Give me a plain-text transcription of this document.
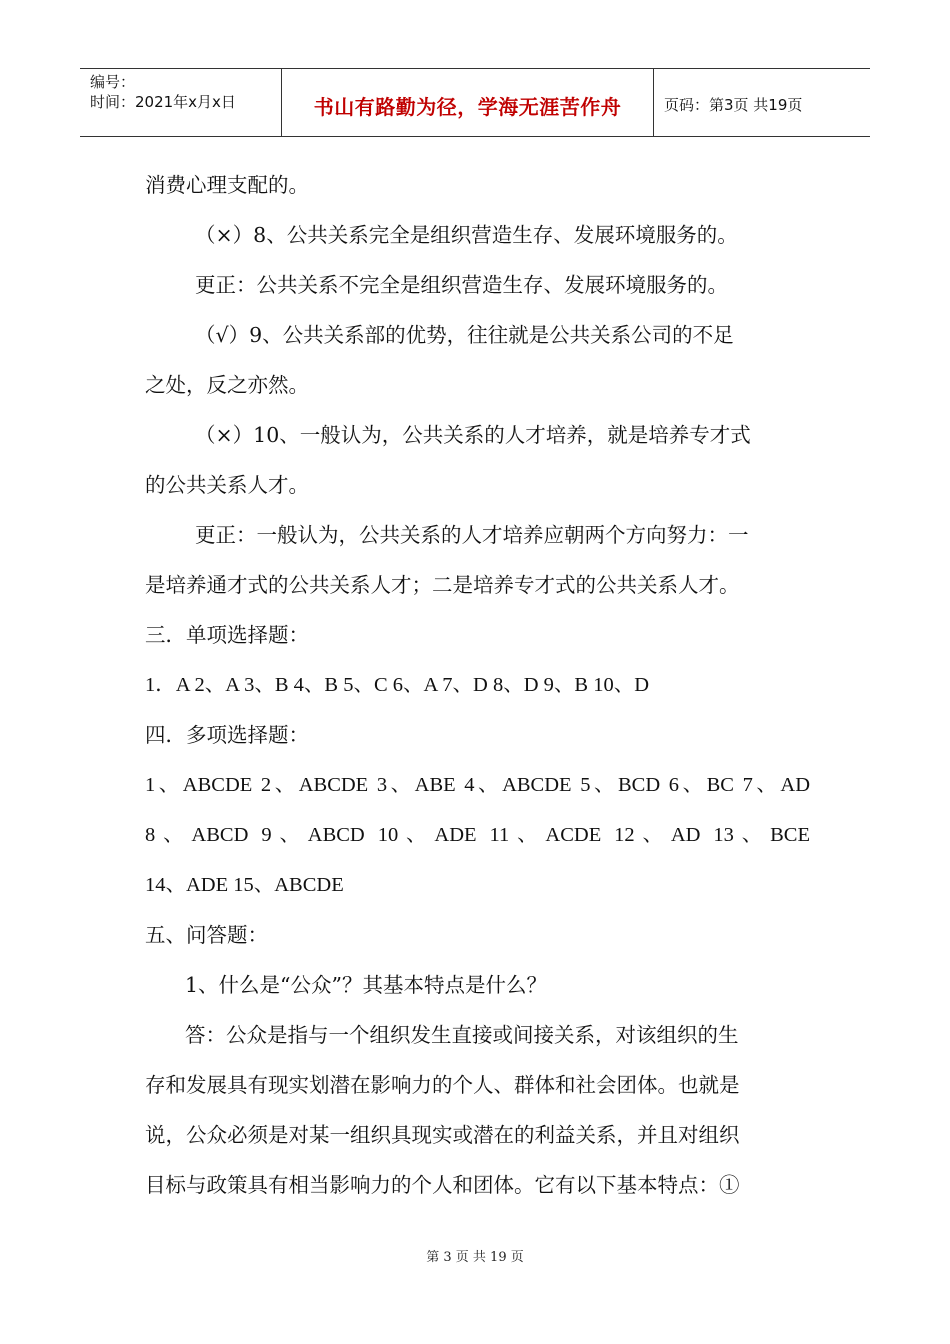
编号：
时间：2021年x月x日	书山有路勤为径，学海无涯苦作舟	页码：第3页 共19页
消费心理支配的。
（×）8、公共关系完全是组织营造生存、发展环境服务的。
更正：公共关系不完全是组织营造生存、发展环境服务的。
（√）9、公共关系部的优势，往往就是公共关系公司的不足
之处，反之亦然。
（×）10、一般认为，公共关系的人才培养，就是培养专才式
的公共关系人才。
更正：一般认为，公共关系的人才培养应朝两个方向努力：一
是培养通才式的公共关系人才；二是培养专才式的公共关系人才。
三．单项选择题：
1．A 2、A 3、B 4、B 5、C 6、A 7、D 8、D 9、B 10、D
四．多项选择题：
1、ABCDE 2、ABCDE 3、ABE 4、ABCDE 5、BCD 6、BC 7、AD
8、ABCD 9、ABCD 10、ADE 11、ACDE 12、AD 13、BCE
14、ADE 15、ABCDE
五、问答题：
1、什么是“公众”？其基本特点是什么？
答：公众是指与一个组织发生直接或间接关系，对该组织的生
存和发展具有现实划潜在影响力的个人、群体和社会团体。也就是
说，公众必须是对某一组织具现实或潜在的利益关系，并且对组织
目标与政策具有相当影响力的个人和团体。它有以下基本特点：①
第 3 页 共 19 页
